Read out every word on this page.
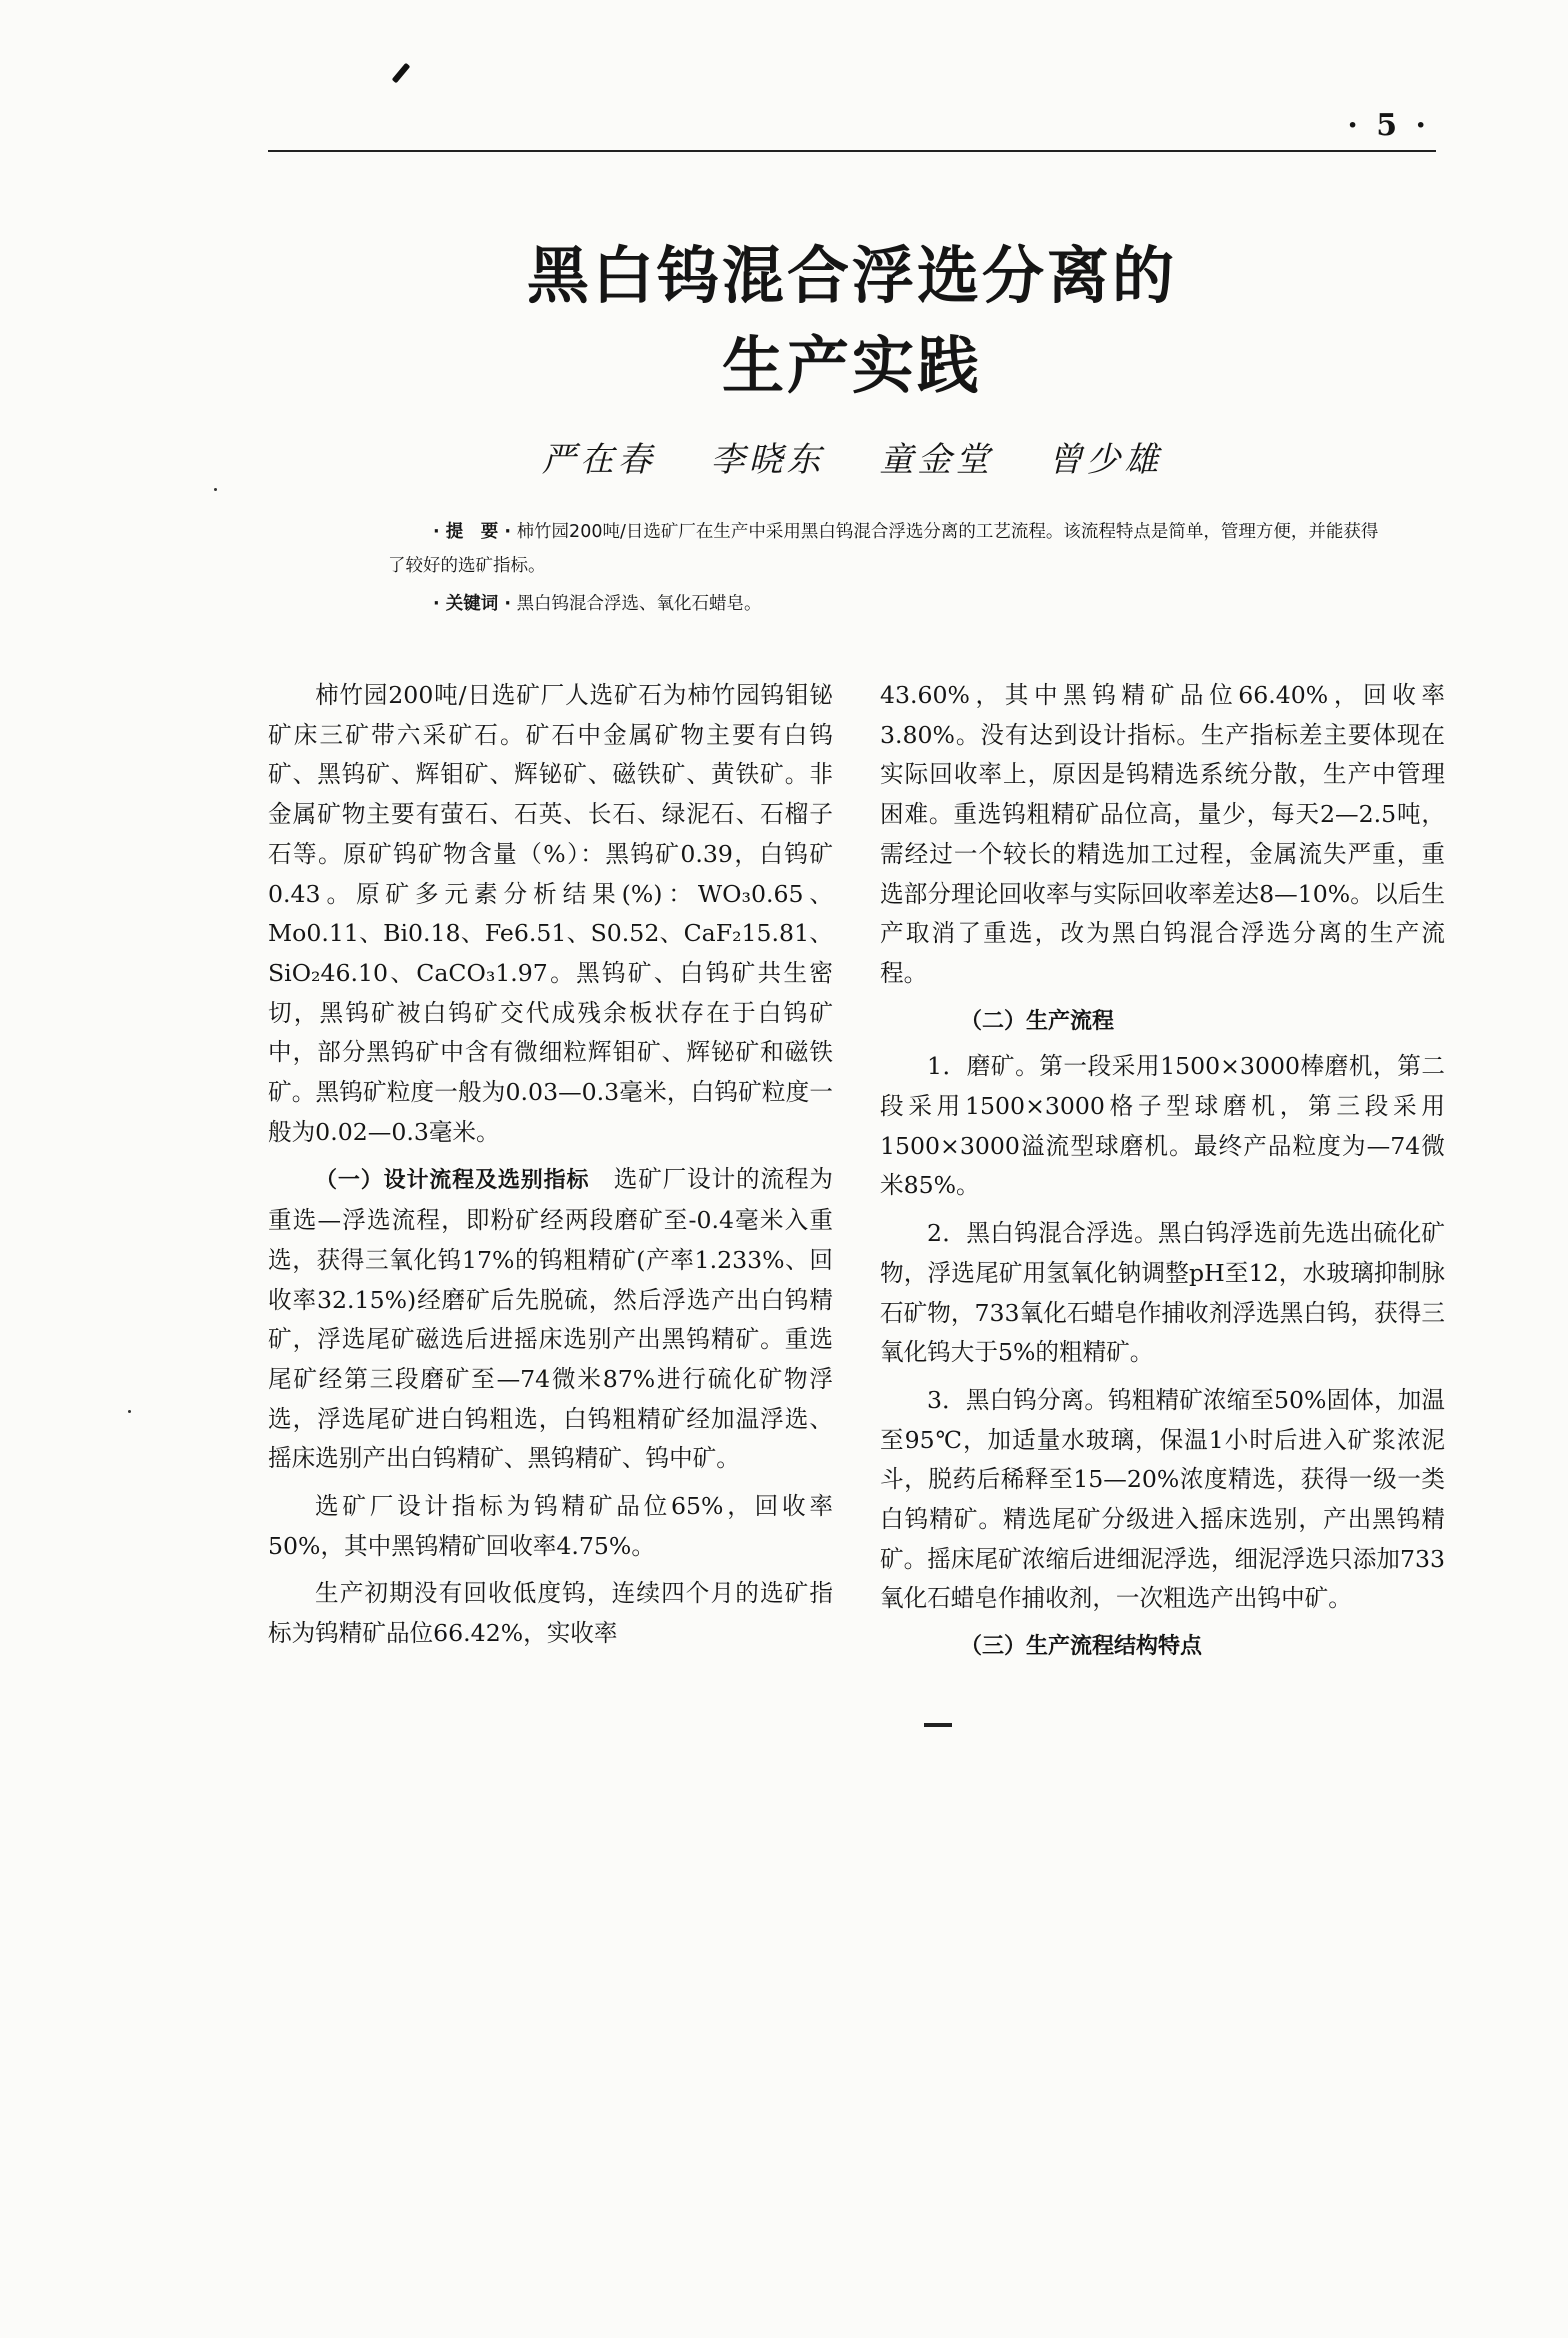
· 5 ·
黑白钨混合浮选分离的
生产实践
严在春 李晓东 童金堂 曾少雄
· 提　要 · 柿竹园200吨/日选矿厂在生产中采用黑白钨混合浮选分离的工艺流程。该流程特点是简单，管理方便，并能获得了较好的选矿指标。
· 关键词 · 黑白钨混合浮选、氧化石蜡皂。

柿竹园200吨/日选矿厂人选矿石为柿竹园钨钼铋矿床三矿带六采矿石。矿石中金属矿物主要有白钨矿、黑钨矿、辉钼矿、辉铋矿、磁铁矿、黄铁矿。非金属矿物主要有萤石、石英、长石、绿泥石、石榴子石等。原矿钨矿物含量（%）：黑钨矿0.39，白钨矿0.43。原矿多元素分析结果(%)：WO₃0.65、Mo0.11、Bi0.18、Fe6.51、S0.52、CaF₂15.81、SiO₂46.10、CaCO₃1.97。黑钨矿、白钨矿共生密切，黑钨矿被白钨矿交代成残余板状存在于白钨矿中，部分黑钨矿中含有微细粒辉钼矿、辉铋矿和磁铁矿。黑钨矿粒度一般为0.03—0.3毫米，白钨矿粒度一般为0.02—0.3毫米。

（一）设计流程及选别指标　 选矿厂设计的流程为重选—浮选流程，即粉矿经两段磨矿至-0.4毫米入重选，获得三氧化钨17%的钨粗精矿(产率1.233%、回收率32.15%)经磨矿后先脱硫，然后浮选产出白钨精矿，浮选尾矿磁选后进摇床选别产出黑钨精矿。重选尾矿经第三段磨矿至—74微米87%进行硫化矿物浮选，浮选尾矿进白钨粗选，白钨粗精矿经加温浮选、摇床选别产出白钨精矿、黑钨精矿、钨中矿。

选矿厂设计指标为钨精矿品位65%，回收率50%，其中黑钨精矿回收率4.75%。

生产初期没有回收低度钨，连续四个月的选矿指标为钨精矿品位66.42%，实收率

43.60%，其中黑钨精矿品位66.40%，回收率3.80%。没有达到设计指标。生产指标差主要体现在实际回收率上，原因是钨精选系统分散，生产中管理困难。重选钨粗精矿品位高，量少，每天2—2.5吨，需经过一个较长的精选加工过程，金属流失严重，重选部分理论回收率与实际回收率差达8—10%。以后生产取消了重选，改为黑白钨混合浮选分离的生产流程。

（二）生产流程

1．磨矿。第一段采用1500×3000棒磨机，第二段采用1500×3000格子型球磨机，第三段采用1500×3000溢流型球磨机。最终产品粒度为—74微米85%。

2．黑白钨混合浮选。黑白钨浮选前先选出硫化矿物，浮选尾矿用氢氧化钠调整pH至12，水玻璃抑制脉石矿物，733氧化石蜡皂作捕收剂浮选黑白钨，获得三氧化钨大于5%的粗精矿。

3．黑白钨分离。钨粗精矿浓缩至50%固体，加温至95℃，加适量水玻璃，保温1小时后进入矿浆浓泥斗，脱药后稀释至15—20%浓度精选，获得一级一类白钨精矿。精选尾矿分级进入摇床选别，产出黑钨精矿。摇床尾矿浓缩后进细泥浮选，细泥浮选只添加733氧化石蜡皂作捕收剂，一次粗选产出钨中矿。

（三）生产流程结构特点
